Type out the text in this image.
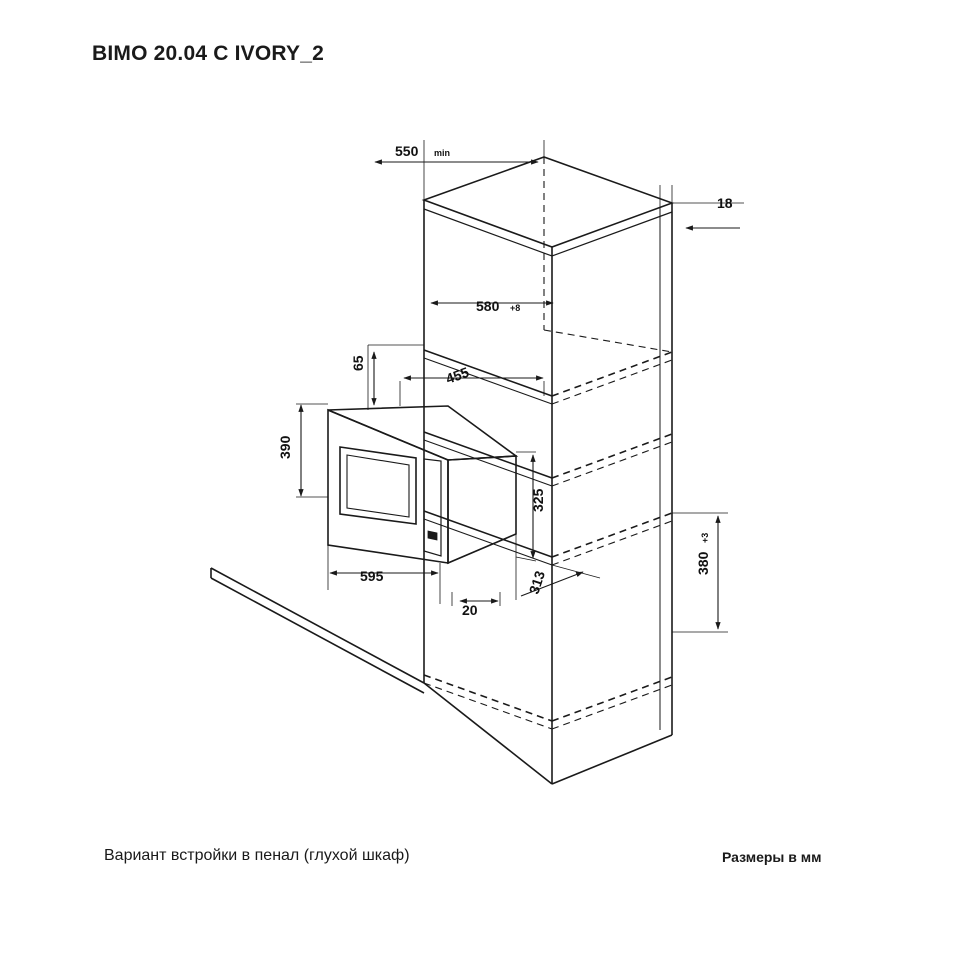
BIMO 20.04 C IVORY_2
550 min
18
580 +8
65
455
390
325
595
20
313
380
+3
Вариант встройки в пенал (глухой шкаф)	Размеры в мм
